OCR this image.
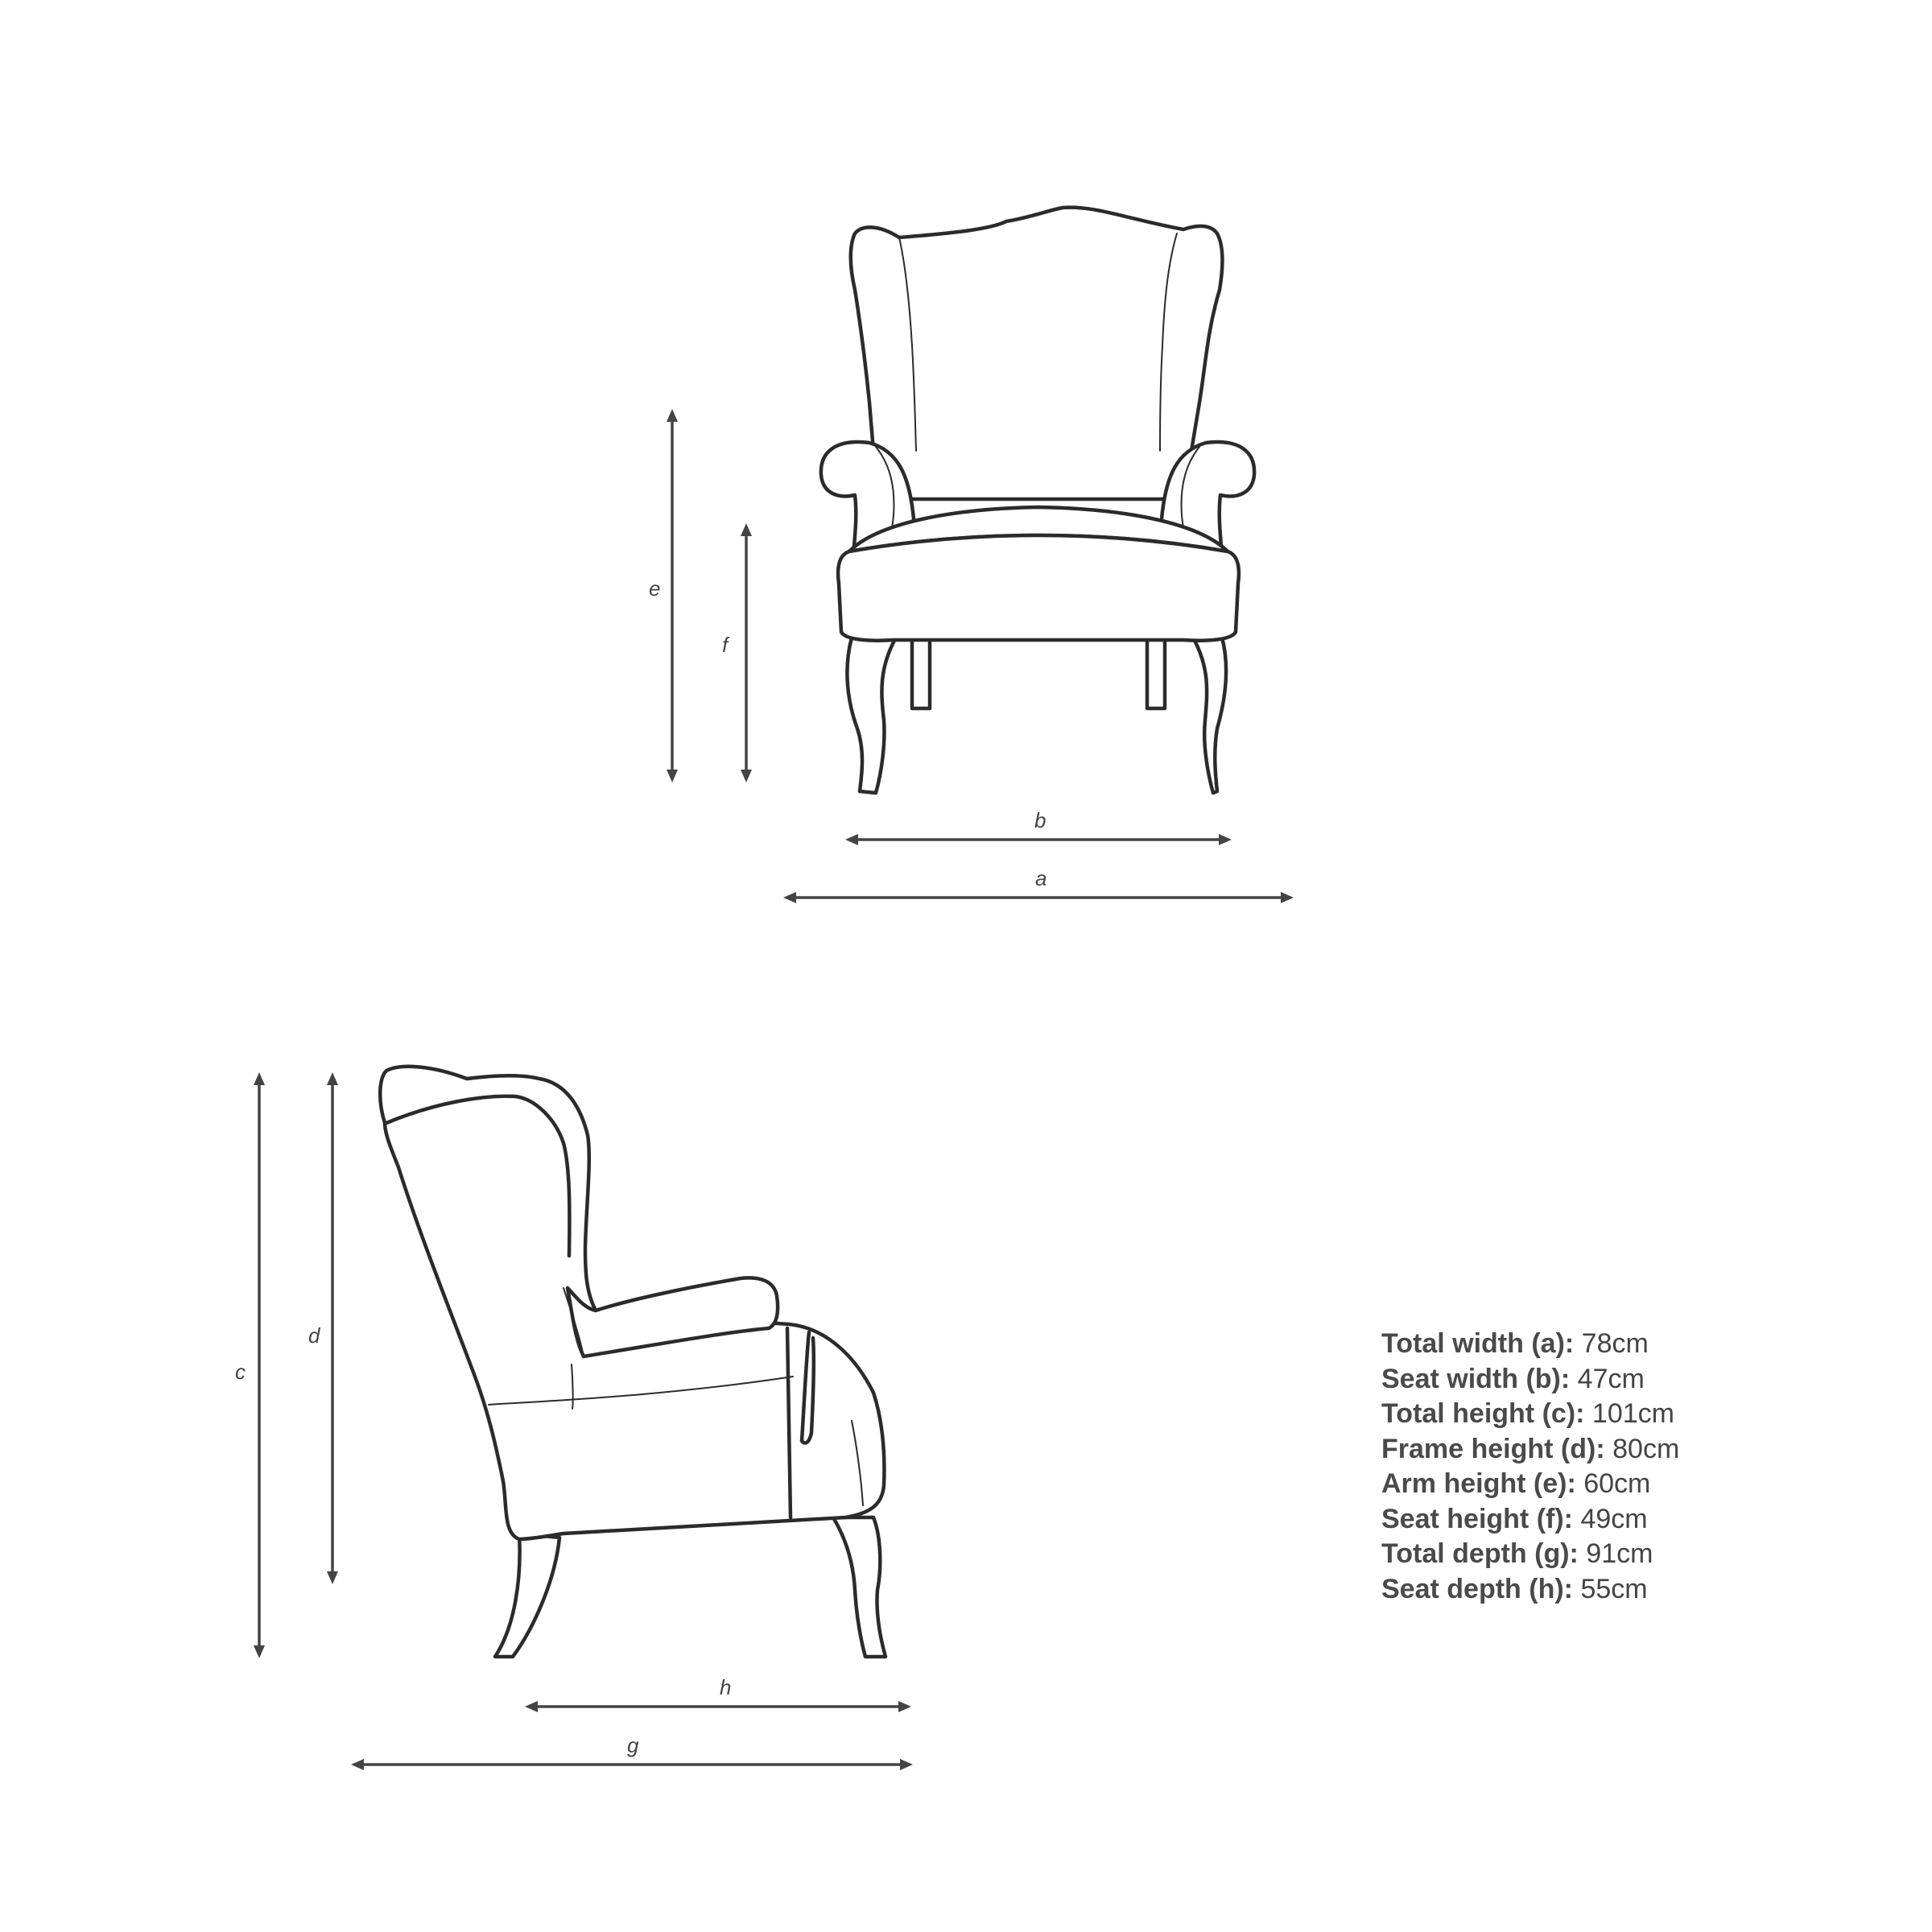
e
f
b
a
c
d
h
g
Total width (a): 78cm
Seat width (b): 47cm
Total height (c): 101cm
Frame height (d): 80cm
Arm height (e): 60cm
Seat height (f): 49cm
Total depth (g): 91cm
Seat depth (h): 55cm
